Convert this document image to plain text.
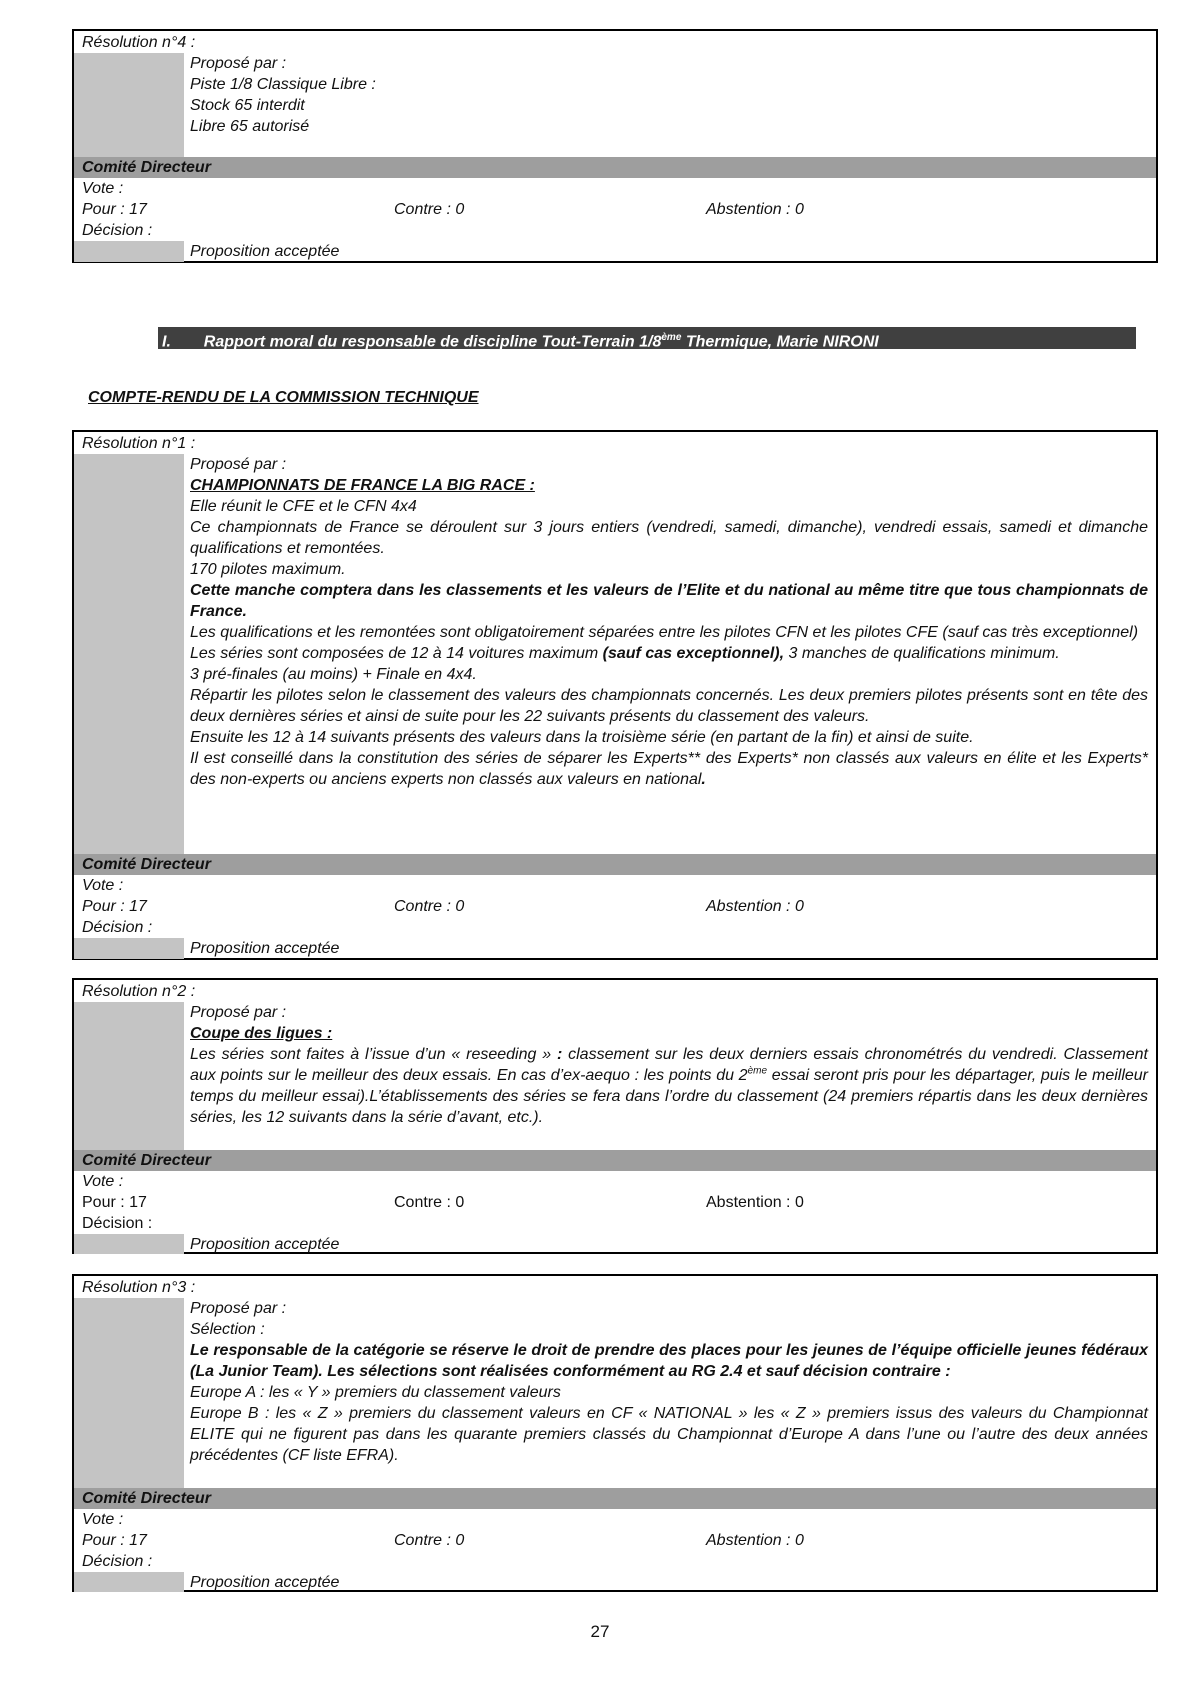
Résolution n°4 :
Proposé par :
Piste 1/8 Classique Libre :
Stock 65 interdit
Libre 65 autorisé
Comité Directeur
Vote :
Pour : 17	Contre : 0	Abstention : 0
Décision :
Proposition acceptée
I. Rapport moral du responsable de discipline Tout-Terrain 1/8ème Thermique, Marie NIRONI
COMPTE-RENDU DE LA COMMISSION TECHNIQUE
Résolution n°1 :
Proposé par :
CHAMPIONNATS DE FRANCE LA BIG RACE :
Elle réunit le CFE et le CFN 4x4
Ce championnats de France se déroulent sur 3 jours entiers (vendredi, samedi, dimanche), vendredi essais, samedi et dimanche qualifications et remontées.
170 pilotes maximum.
Cette manche comptera dans les classements et les valeurs de l’Elite et du national au même titre que tous championnats de France.
Les qualifications et les remontées sont obligatoirement séparées entre les pilotes CFN et les pilotes CFE (sauf cas très exceptionnel)
Les séries sont composées de 12 à 14 voitures maximum (sauf cas exceptionnel), 3 manches de qualifications minimum.
3 pré-finales (au moins) + Finale en 4x4.
Répartir les pilotes selon le classement des valeurs des championnats concernés. Les deux premiers pilotes présents sont en tête des deux dernières séries et ainsi de suite pour les 22 suivants présents du classement des valeurs.
Ensuite les 12 à 14 suivants présents des valeurs dans la troisième série (en partant de la fin) et ainsi de suite.
Il est conseillé dans la constitution des séries de séparer les Experts** des Experts* non classés aux valeurs en élite et les Experts* des non-experts ou anciens experts non classés aux valeurs en national.
Comité Directeur
Vote :
Pour : 17	Contre : 0	Abstention : 0
Décision :
Proposition acceptée
Résolution n°2 :
Proposé par :
Coupe des ligues :
Les séries sont faites à l’issue d’un « reseeding » : classement sur les deux derniers essais chronométrés du vendredi. Classement aux points sur le meilleur des deux essais. En cas d’ex-aequo : les points du 2ème essai seront pris pour les départager, puis le meilleur temps du meilleur essai).L’établissements des séries se fera dans l’ordre du classement (24 premiers répartis dans les deux dernières séries, les 12 suivants dans la série d’avant, etc.).
Comité Directeur
Vote :
Pour : 17	Contre : 0	Abstention : 0
Décision :
Proposition acceptée
Résolution n°3 :
Proposé par :
Sélection :
Le responsable de la catégorie se réserve le droit de prendre des places pour les jeunes de l’équipe officielle jeunes fédéraux (La Junior Team). Les sélections sont réalisées conformément au RG 2.4 et sauf décision contraire :
Europe A : les « Y » premiers du classement valeurs
Europe B : les « Z » premiers du classement valeurs en CF « NATIONAL » les « Z » premiers issus des valeurs du Championnat ELITE qui ne figurent pas dans les quarante premiers classés du Championnat d’Europe A dans l’une ou l’autre des deux années précédentes (CF liste EFRA).
Comité Directeur
Vote :
Pour : 17	Contre : 0	Abstention : 0
Décision :
Proposition acceptée
27
